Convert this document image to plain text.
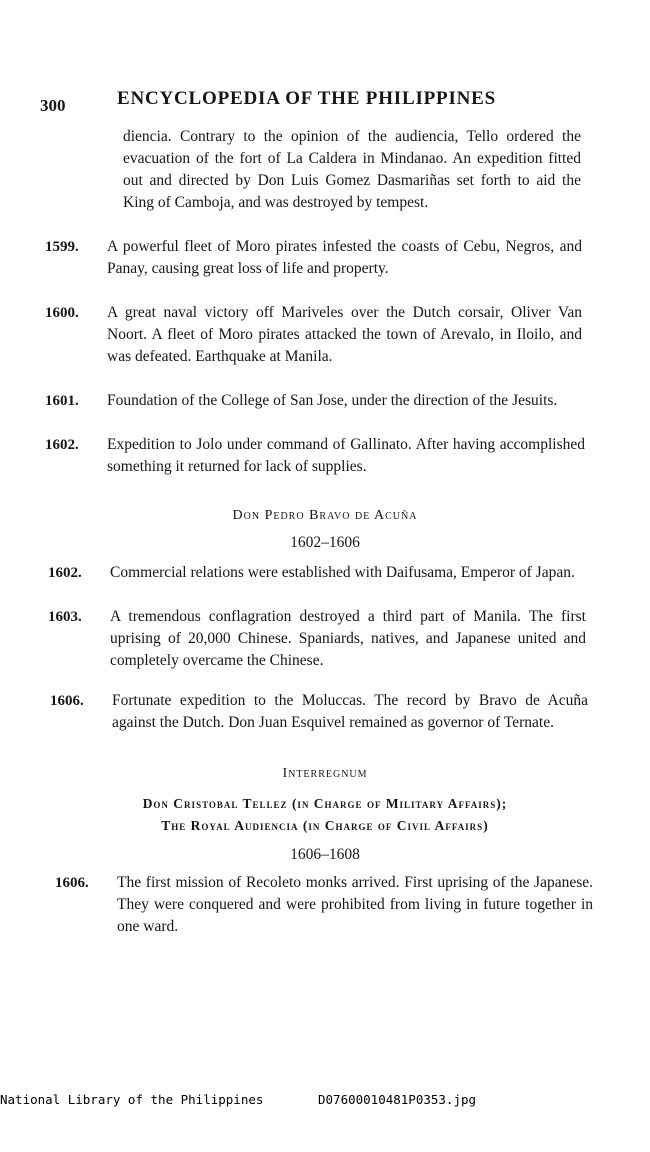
300	ENCYCLOPEDIA OF THE PHILIPPINES
diencia. Contrary to the opinion of the audiencia, Tello ordered the evacuation of the fort of La Caldera in Mindanao. An expedition fitted out and directed by Don Luis Gomez Dasmariñas set forth to aid the King of Camboja, and was destroyed by tempest.
1599. A powerful fleet of Moro pirates infested the coasts of Cebu, Negros, and Panay, causing great loss of life and property.
1600. A great naval victory off Mariveles over the Dutch corsair, Oliver Van Noort. A fleet of Moro pirates attacked the town of Arevalo, in Iloilo, and was defeated. Earthquake at Manila.
1601. Foundation of the College of San Jose, under the direction of the Jesuits.
1602. Expedition to Jolo under command of Gallinato. After having accomplished something it returned for lack of supplies.
Don Pedro Bravo de Acuña
1602–1606
1602. Commercial relations were established with Daifusama, Emperor of Japan.
1603. A tremendous conflagration destroyed a third part of Manila. The first uprising of 20,000 Chinese. Spaniards, natives, and Japanese united and completely overcame the Chinese.
1606. Fortunate expedition to the Moluccas. The record by Bravo de Acuña against the Dutch. Don Juan Esquivel remained as governor of Ternate.
Interregnum
Don Cristobal Tellez (in Charge of Military Affairs);
The Royal Audiencia (in Charge of Civil Affairs)
1606–1608
1606. The first mission of Recoleto monks arrived. First uprising of the Japanese. They were conquered and were prohibited from living in future together in one ward.

National Library of the Philippines

	D07600010481P0353.jpg
